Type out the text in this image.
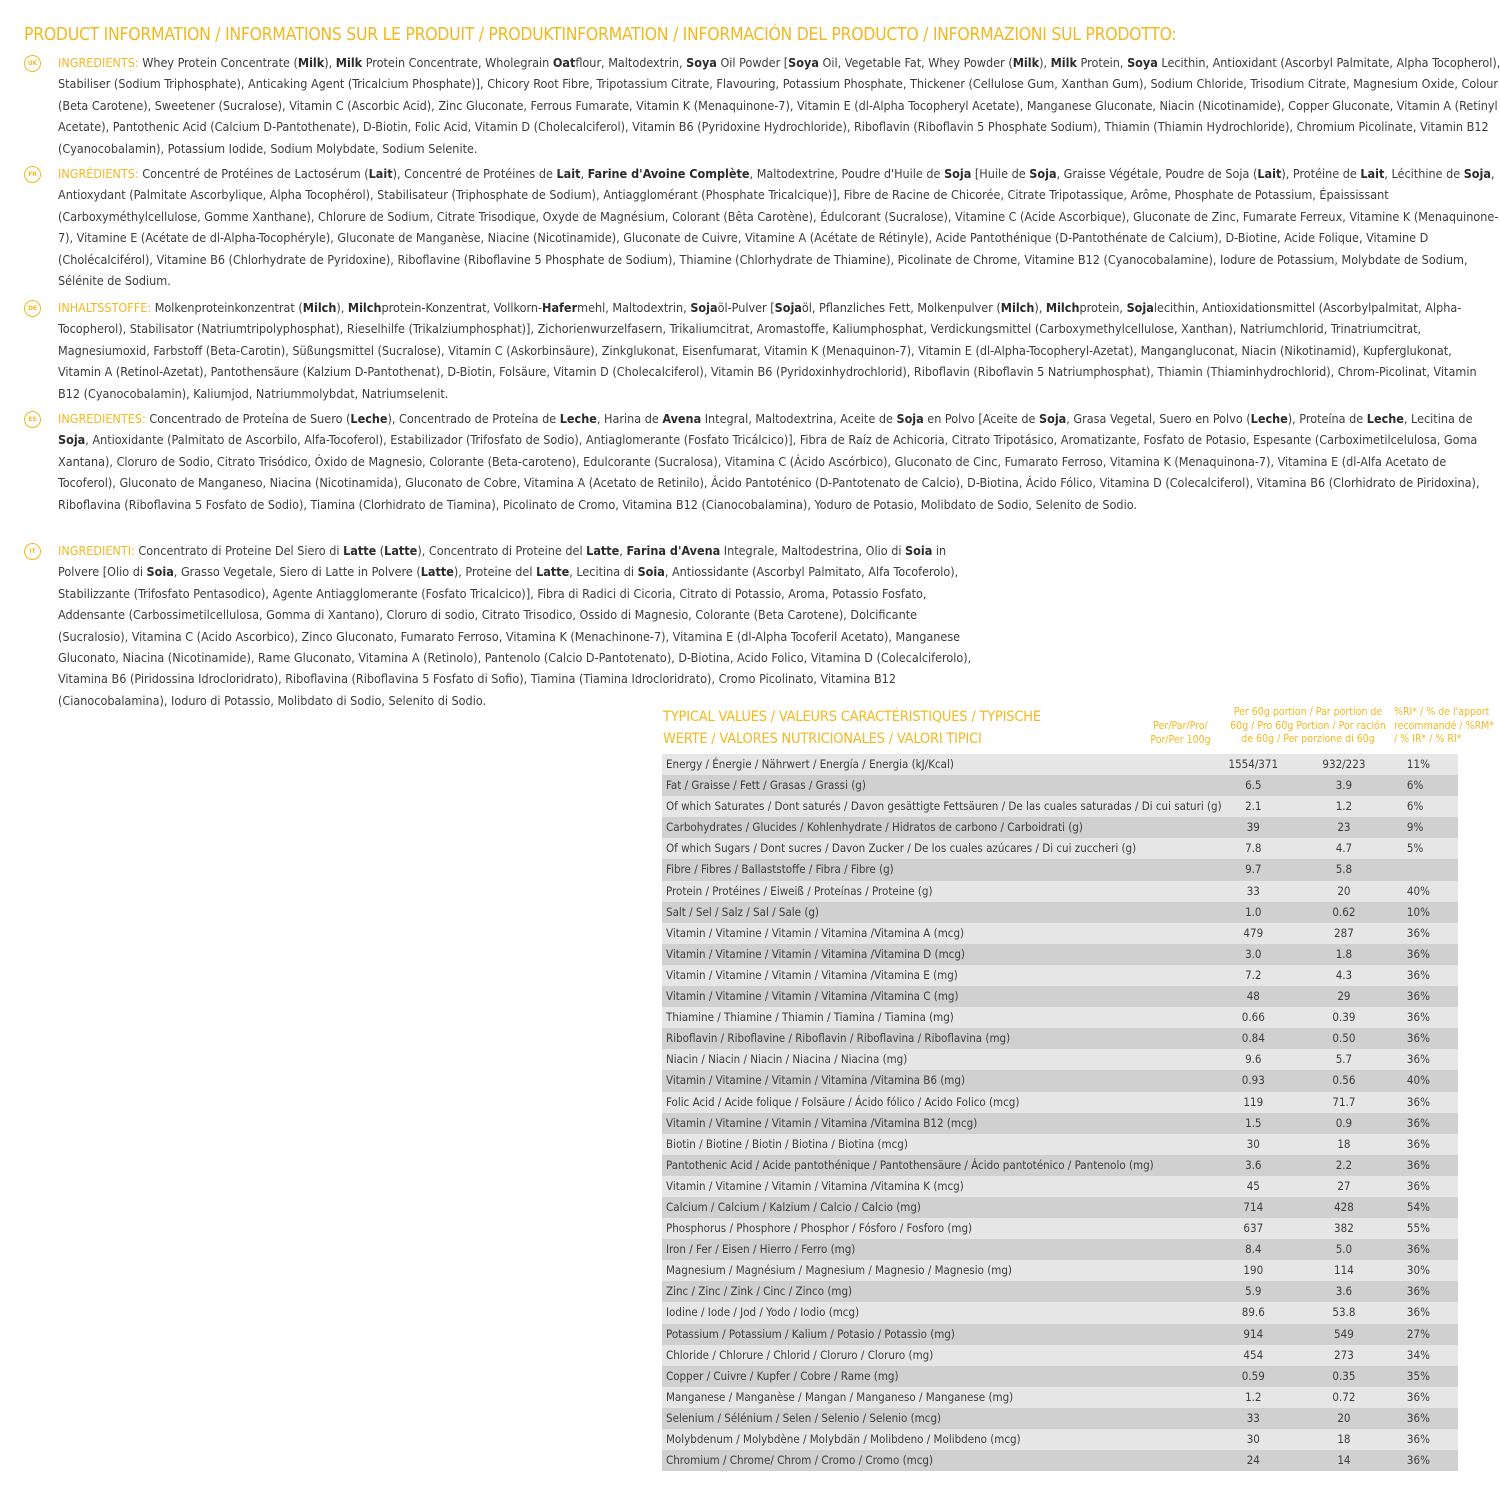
PRODUCT INFORMATION / INFORMATIONS SUR LE PRODUIT / PRODUKTINFORMATION / INFORMACIÓN DEL PRODUCTO / INFORMAZIONI SUL PRODOTTO:
UK	INGREDIENTS: Whey Protein Concentrate (Milk), Milk Protein Concentrate, Wholegrain Oatflour, Maltodextrin, Soya Oil Powder [Soya Oil, Vegetable Fat, Whey Powder (Milk), Milk Protein, Soya Lecithin, Antioxidant (Ascorbyl Palmitate, Alpha Tocopherol), Stabiliser (Sodium Triphosphate), Anticaking Agent (Tricalcium Phosphate)], Chicory Root Fibre, Tripotassium Citrate, Flavouring, Potassium Phosphate, Thickener (Cellulose Gum, Xanthan Gum), Sodium Chloride, Trisodium Citrate, Magnesium Oxide, Colour (Beta Carotene), Sweetener (Sucralose), Vitamin C (Ascorbic Acid), Zinc Gluconate, Ferrous Fumarate, Vitamin K (Menaquinone-7), Vitamin E (dl-Alpha Tocopheryl Acetate), Manganese Gluconate, Niacin (Nicotinamide), Copper Gluconate, Vitamin A (Retinyl Acetate), Pantothenic Acid (Calcium D-Pantothenate), D-Biotin, Folic Acid, Vitamin D (Cholecalciferol), Vitamin B6 (Pyridoxine Hydrochloride), Riboflavin (Riboflavin 5 Phosphate Sodium), Thiamin (Thiamin Hydrochloride), Chromium Picolinate, Vitamin B12 (Cyanocobalamin), Potassium Iodide, Sodium Molybdate, Sodium Selenite.
FR	INGRÉDIENTS: Concentré de Protéines de Lactosérum (Lait), Concentré de Protéines de Lait, Farine d'Avoine Complète, Maltodextrine, Poudre d'Huile de Soja [Huile de Soja, Graisse Végétale, Poudre de Soja (Lait), Protéine de Lait, Lécithine de Soja, Antioxydant (Palmitate Ascorbylique, Alpha Tocophérol), Stabilisateur (Triphosphate de Sodium), Antiagglomérant (Phosphate Tricalcique)], Fibre de Racine de Chicorée, Citrate Tripotassique, Arôme, Phosphate de Potassium, Épaississant (Carboxyméthylcellulose, Gomme Xanthane), Chlorure de Sodium, Citrate Trisodique, Oxyde de Magnésium, Colorant (Bêta Carotène), Édulcorant (Sucralose), Vitamine C (Acide Ascorbique), Gluconate de Zinc, Fumarate Ferreux, Vitamine K (Menaquinone-7), Vitamine E (Acétate de dl-Alpha-Tocophéryle), Gluconate de Manganèse, Niacine (Nicotinamide), Gluconate de Cuivre, Vitamine A (Acétate de Rétinyle), Acide Pantothénique (D-Pantothénate de Calcium), D-Biotine, Acide Folique, Vitamine D (Cholécalciférol), Vitamine B6 (Chlorhydrate de Pyridoxine), Riboflavine (Riboflavine 5 Phosphate de Sodium), Thiamine (Chlorhydrate de Thiamine), Picolinate de Chrome, Vitamine B12 (Cyanocobalamine), Iodure de Potassium, Molybdate de Sodium, Sélénite de Sodium.
DE	INHALTSSTOFFE: Molkenproteinkonzentrat (Milch), Milchprotein-Konzentrat, Vollkorn-Hafermehl, Maltodextrin, Sojaöl-Pulver [Sojaöl, Pflanzliches Fett, Molkenpulver (Milch), Milchprotein, Sojalecithin, Antioxidationsmittel (Ascorbylpalmitat, Alpha-Tocopherol), Stabilisator (Natriumtripolyphosphat), Rieselhilfe (Trikalziumphosphat)], Zichorienwurzelfasern, Trikaliumcitrat, Aromastoffe, Kaliumphosphat, Verdickungsmittel (Carboxymethylcellulose, Xanthan), Natriumchlorid, Trinatriumcitrat, Magnesiumoxid, Farbstoff (Beta-Carotin), Süßungsmittel (Sucralose), Vitamin C (Askorbinsäure), Zinkglukonat, Eisenfumarat, Vitamin K (Menaquinon-7), Vitamin E (dl-Alpha-Tocopheryl-Azetat), Mangangluconat, Niacin (Nikotinamid), Kupferglukonat, Vitamin A (Retinol-Azetat), Pantothensäure (Kalzium D-Pantothenat), D-Biotin, Folsäure, Vitamin D (Cholecalciferol), Vitamin B6 (Pyridoxinhydrochlorid), Riboflavin (Riboflavin 5 Natriumphosphat), Thiamin (Thiaminhydrochlorid), Chrom-Picolinat, Vitamin B12 (Cyanocobalamin), Kaliumjod, Natriummolybdat, Natriumselenit.
ES	INGREDIENTES: Concentrado de Proteína de Suero (Leche), Concentrado de Proteína de Leche, Harina de Avena Integral, Maltodextrina, Aceite de Soja en Polvo [Aceite de Soja, Grasa Vegetal, Suero en Polvo (Leche), Proteína de Leche, Lecitina de Soja, Antioxidante (Palmitato de Ascorbilo, Alfa-Tocoferol), Estabilizador (Trifosfato de Sodio), Antiaglomerante (Fosfato Tricálcico)], Fibra de Raíz de Achicoria, Citrato Tripotásico, Aromatizante, Fosfato de Potasio, Espesante (Carboximetilcelulosa, Goma Xantana), Cloruro de Sodio, Citrato Trisódico, Óxido de Magnesio, Colorante (Beta-caroteno), Edulcorante (Sucralosa), Vitamina C (Ácido Ascórbico), Gluconato de Cinc, Fumarato Ferroso, Vitamina K (Menaquinona-7), Vitamina E (dl-Alfa Acetato de Tocoferol), Gluconato de Manganeso, Niacina (Nicotinamida), Gluconato de Cobre, Vitamina A (Acetato de Retinilo), Ácido Pantoténico (D-Pantotenato de Calcio), D-Biotina, Ácido Fólico, Vitamina D (Colecalciferol), Vitamina B6 (Clorhidrato de Piridoxina), Riboflavina (Riboflavina 5 Fosfato de Sodio), Tiamina (Clorhidrato de Tiamina), Picolinato de Cromo, Vitamina B12 (Cianocobalamina), Yoduro de Potasio, Molibdato de Sodio, Selenito de Sodio.
IT	INGREDIENTI: Concentrato di Proteine Del Siero di Latte (Latte), Concentrato di Proteine del Latte, Farina d'Avena Integrale, Maltodestrina, Olio di Soia in Polvere [Olio di Soia, Grasso Vegetale, Siero di Latte in Polvere (Latte), Proteine del Latte, Lecitina di Soia, Antiossidante (Ascorbyl Palmitato, Alfa Tocoferolo), Stabilizzante (Trifosfato Pentasodico), Agente Antiagglomerante (Fosfato Tricalcico)], Fibra di Radici di Cicoria, Citrato di Potassio, Aroma, Potassio Fosfato, Addensante (Carbossimetilcellulosa, Gomma di Xantano), Cloruro di sodio, Citrato Trisodico, Ossido di Magnesio, Colorante (Beta Carotene), Dolcificante (Sucralosio), Vitamina C (Acido Ascorbico), Zinco Gluconato, Fumarato Ferroso, Vitamina K (Menachinone-7), Vitamina E (dl-Alpha Tocoferil Acetato), Manganese Gluconato, Niacina (Nicotinamide), Rame Gluconato, Vitamina A (Retinolo), Pantenolo (Calcio D-Pantotenato), D-Biotina, Acido Folico, Vitamina D (Colecalciferolo), Vitamina B6 (Piridossina Idrocloridrato), Riboflavina (Riboflavina 5 Fosfato di Sofio), Tiamina (Tiamina Idrocloridrato), Cromo Picolinato, Vitamina B12 (Cianocobalamina), Ioduro di Potassio, Molibdato di Sodio, Selenito di Sodio.
TYPICAL VALUES / VALEURS CARACTÉRISTIQUES / TYPISCHE WERTE / VALORES NUTRICIONALES / VALORI TIPICI

Per/Par/Pro/ Por/Per 100g

Per 60g portion / Par portion de 60g / Pro 60g Portion / Por ración de 60g / Per porzione di 60g

%RI* / % de l'apport recommandé / %RM* / % IR* / % RI*

Energy / Énergie / Nährwert / Energía / Energia (kJ/Kcal)	1554/371	932/223	11%
Fat / Graisse / Fett / Grasas / Grassi (g)	6.5	3.9	6%
Of which Saturates / Dont saturés / Davon gesättigte Fettsäuren / De las cuales saturadas / Di cui saturi (g)	2.1	1.2	6%
Carbohydrates / Glucides / Kohlenhydrate / Hidratos de carbono / Carboidrati (g)	39	23	9%
Of which Sugars / Dont sucres / Davon Zucker / De los cuales azúcares / Di cui zuccheri (g)	7.8	4.7	5%
Fibre / Fibres / Ballaststoffe / Fibra / Fibre (g)	9.7	5.8	
Protein / Protéines / Eiweiß / Proteínas / Proteine (g)	33	20	40%
Salt / Sel / Salz / Sal / Sale (g)	1.0	0.62	10%
Vitamin / Vitamine / Vitamin / Vitamina /Vitamina A (mcg)	479	287	36%
Vitamin / Vitamine / Vitamin / Vitamina /Vitamina D (mcg)	3.0	1.8	36%
Vitamin / Vitamine / Vitamin / Vitamina /Vitamina E (mg)	7.2	4.3	36%
Vitamin / Vitamine / Vitamin / Vitamina /Vitamina C (mg)	48	29	36%
Thiamine / Thiamine / Thiamin / Tiamina / Tiamina (mg)	0.66	0.39	36%
Riboflavin / Riboflavine / Riboflavin / Riboflavina / Riboflavina (mg)	0.84	0.50	36%
Niacin / Niacin / Niacin / Niacina / Niacina (mg)	9.6	5.7	36%
Vitamin / Vitamine / Vitamin / Vitamina /Vitamina B6 (mg)	0.93	0.56	40%
Folic Acid / Acide folique / Folsäure / Ácido fólico / Acido Folico (mcg)	119	71.7	36%
Vitamin / Vitamine / Vitamin / Vitamina /Vitamina B12 (mcg)	1.5	0.9	36%
Biotin / Biotine / Biotin / Biotina / Biotina (mcg)	30	18	36%
Pantothenic Acid / Acide pantothénique / Pantothensäure / Ácido pantoténico / Pantenolo (mg)	3.6	2.2	36%
Vitamin / Vitamine / Vitamin / Vitamina /Vitamina K (mcg)	45	27	36%
Calcium / Calcium / Kalzium / Calcio / Calcio (mg)	714	428	54%
Phosphorus / Phosphore / Phosphor / Fósforo / Fosforo (mg)	637	382	55%
Iron / Fer / Eisen / Hierro / Ferro (mg)	8.4	5.0	36%
Magnesium / Magnésium / Magnesium / Magnesio / Magnesio (mg)	190	114	30%
Zinc / Zinc / Zink / Cinc / Zinco (mg)	5.9	3.6	36%
Iodine / Iode / Jod / Yodo / Iodio (mcg)	89.6	53.8	36%
Potassium / Potassium / Kalium / Potasio / Potassio (mg)	914	549	27%
Chloride / Chlorure / Chlorid / Cloruro / Cloruro (mg)	454	273	34%
Copper / Cuivre / Kupfer / Cobre / Rame (mg)	0.59	0.35	35%
Manganese / Manganèse / Mangan / Manganeso / Manganese (mg)	1.2	0.72	36%
Selenium / Sélénium / Selen / Selenio / Selenio (mcg)	33	20	36%
Molybdenum / Molybdène / Molybdän / Molibdeno / Molibdeno (mcg)	30	18	36%
Chromium / Chrome/ Chrom / Cromo / Cromo (mcg)	24	14	36%
